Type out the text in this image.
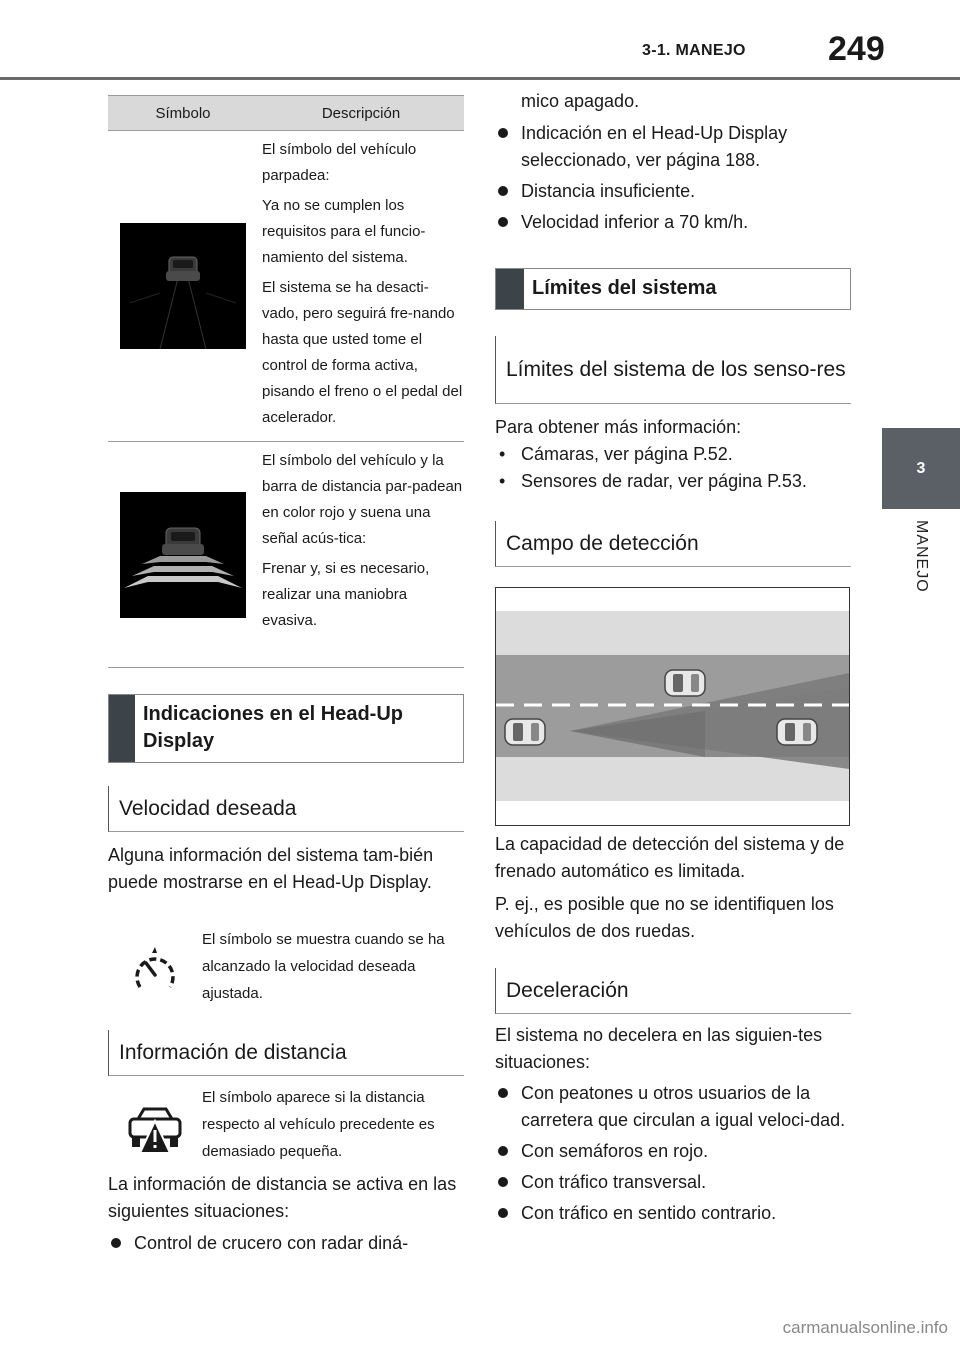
3-1. MANEJO 249
3
MANEJO
Símbolo	Descripción

El símbolo del vehículo parpadea:

Ya no se cumplen los requisitos para el funcio-namiento del sistema.

El sistema se ha desacti-vado, pero seguirá fre-nando hasta que usted tome el control de forma activa, pisando el freno o el pedal del acelerador.

El símbolo del vehículo y la barra de distancia par-padean en color rojo y suena una señal acús-tica:

Frenar y, si es necesario, realizar una maniobra evasiva.

Indicaciones en el Head-Up Display
Velocidad deseada
Alguna información del sistema tam-bién puede mostrarse en el Head-Up Display.
El símbolo se muestra cuando se ha alcanzado la velocidad deseada ajustada.
Información de distancia
El símbolo aparece si la distancia respecto al vehículo precedente es demasiado pequeña.
La información de distancia se activa en las siguientes situaciones:
Control de crucero con radar diná-
mico apagado.
Indicación en el Head-Up Display seleccionado, ver página 188.
Distancia insuficiente.
Velocidad inferior a 70 km/h.
Límites del sistema
Límites del sistema de los senso-res
Para obtener más información:
• Cámaras, ver página P.52.
• Sensores de radar, ver página P.53.
Campo de detección

La capacidad de detección del sistema y de frenado automático es limitada.

P. ej., es posible que no se identifiquen los vehículos de dos ruedas.

Deceleración
El sistema no decelera en las siguien-tes situaciones:
Con peatones u otros usuarios de la carretera que circulan a igual veloci-dad.
Con semáforos en rojo.
Con tráfico transversal.
Con tráfico en sentido contrario.
carmanualsonline.info
